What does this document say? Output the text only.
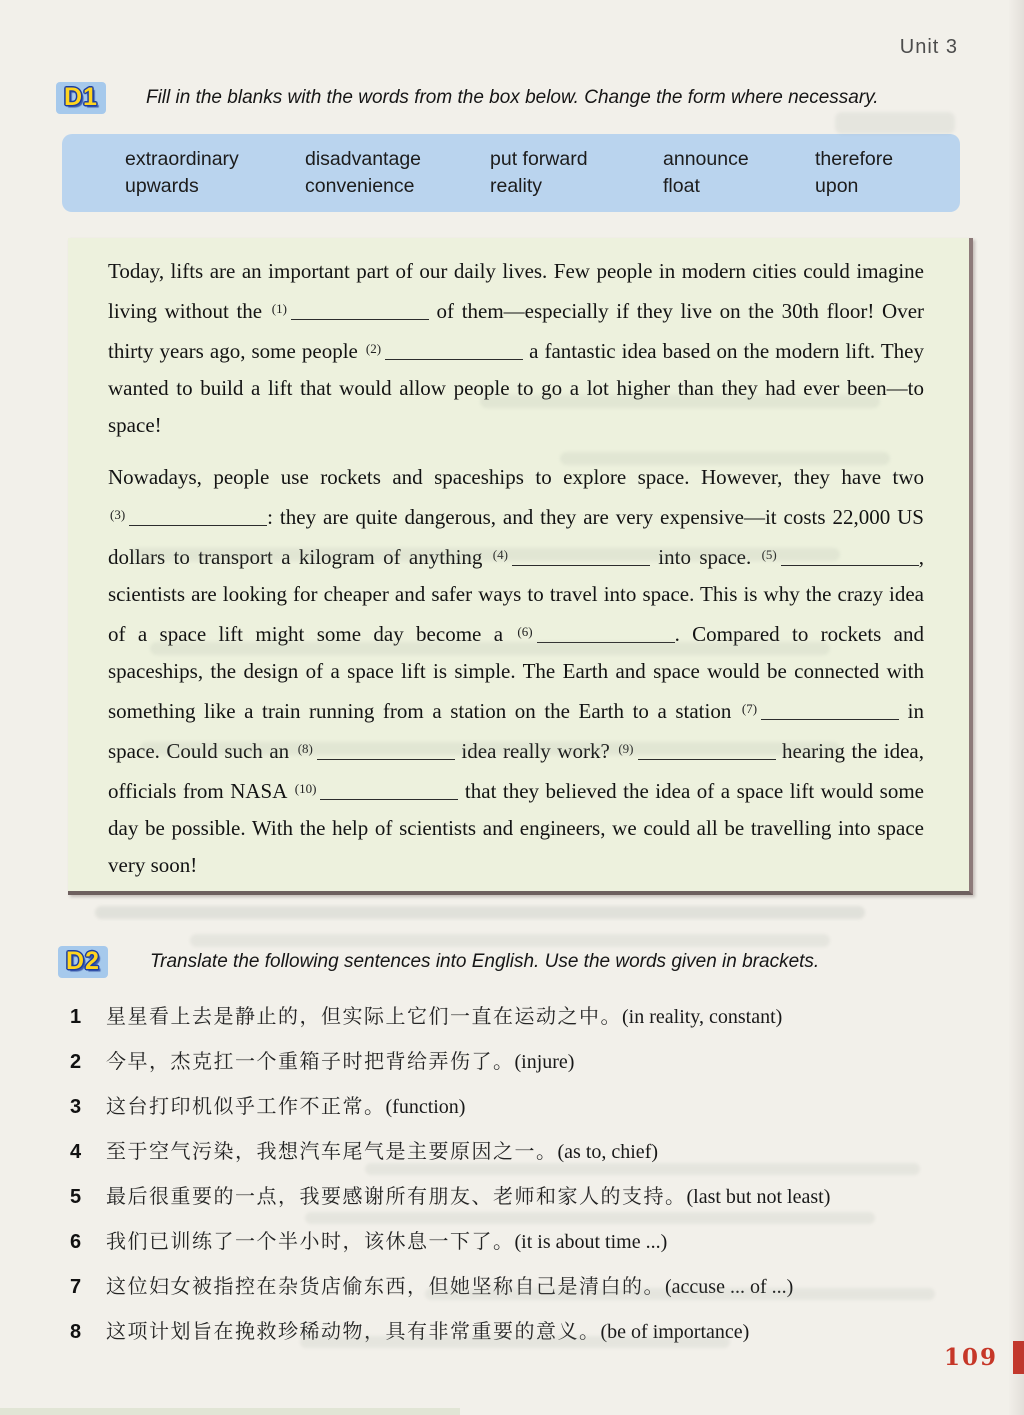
Unit 3
D1	Fill in the blanks with the words from the box below. Change the form where necessary.
extraordinary	disadvantage	put forward	announce	therefore
upwards	convenience	reality	float	upon

Today, lifts are an important part of our daily lives. Few people in modern cities could imagine living without the $^{(1)}$	of them—especially if they live on the 30th floor! Over thirty years ago, some people $^{(2)}$	a fantastic idea based on the modern lift. They wanted to build a lift that would allow people to go a lot higher than they had ever been—to space!

Nowadays, people use rockets and spaceships to explore space. However, they have two $^{(3)}$	: they are quite dangerous, and they are very expensive—it costs 22,000 US dollars to transport a kilogram of anything $^{(4)}$	into space. $^{(5)}$	, scientists are looking for cheaper and safer ways to travel into space. This is why the crazy idea of a space lift might some day become a $^{(6)}$	. Compared to rockets and spaceships, the design of a space lift is simple. The Earth and space would be connected with something like a train running from a station on the Earth to a station $^{(7)}$	in space. Could such an $^{(8)}$	idea really work? $^{(9)}$	hearing the idea, officials from NASA $^{(10)}$	that they believed the idea of a space lift would some day be possible. With the help of scientists and engineers, we could all be travelling into space very soon!

D2	Translate the following sentences into English. Use the words given in brackets.
1	星星看上去是静止的，但实际上它们一直在运动之中。 (in reality, constant)
2	今早，杰克扛一个重箱子时把背给弄伤了。 (injure)
3	这台打印机似乎工作不正常。 (function)
4	至于空气污染，我想汽车尾气是主要原因之一。 (as to, chief)
5	最后很重要的一点，我要感谢所有朋友、老师和家人的支持。 (last but not least)
6	我们已训练了一个半小时，该休息一下了。 (it is about time ...)
7	这位妇女被指控在杂货店偷东西，但她坚称自己是清白的。 (accuse ... of ...)
8	这项计划旨在挽救珍稀动物，具有非常重要的意义。 (be of importance)
109
